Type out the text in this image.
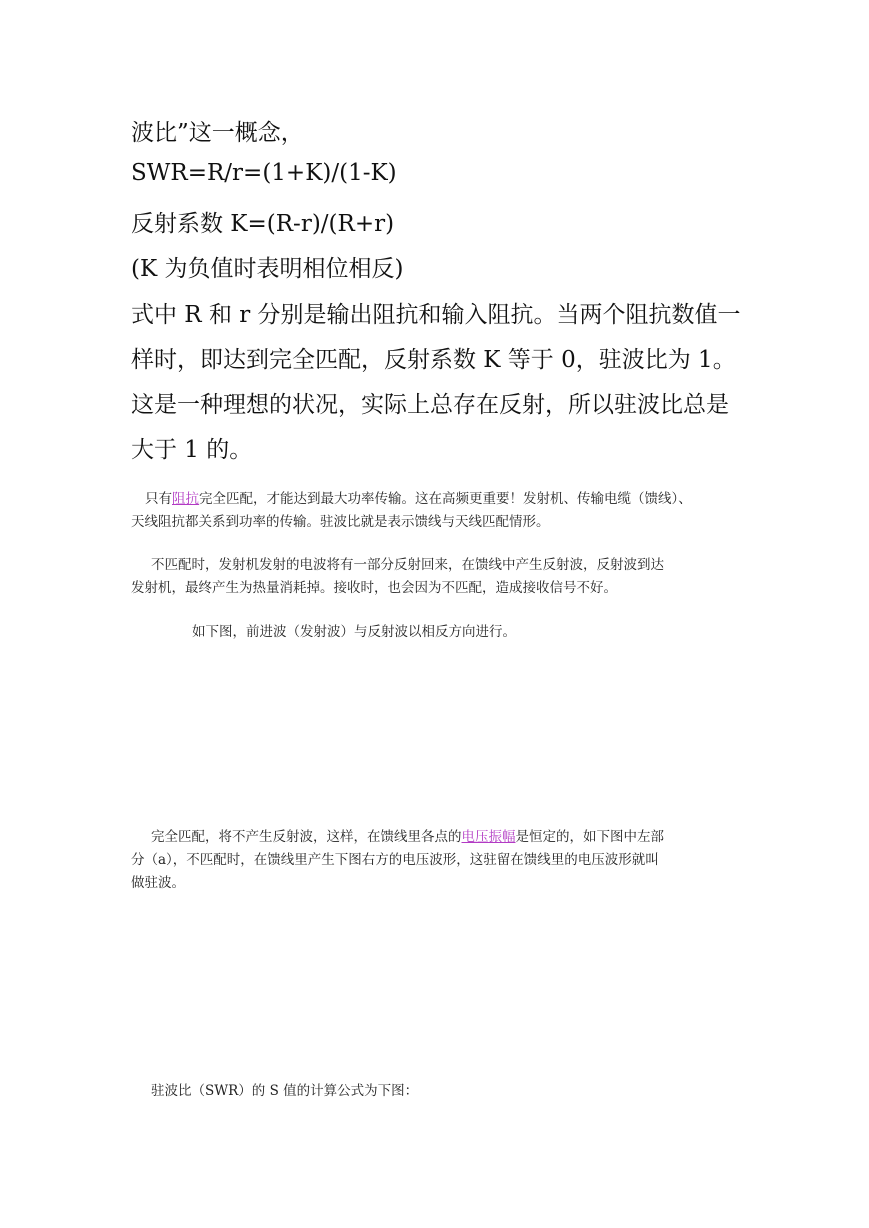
波比”这一概念，
SWR=R/r=(1+K)/(1-K)
反射系数 K=(R-r)/(R+r)
(K 为负值时表明相位相反)
式中 R 和 r 分别是输出阻抗和输入阻抗。当两个阻抗数值一
样时，即达到完全匹配，反射系数 K 等于 0，驻波比为 1。
这是一种理想的状况，实际上总存在反射，所以驻波比总是
大于 1 的。
只有阻抗完全匹配，才能达到最大功率传输。这在高频更重要！发射机、传输电缆（馈线）、
天线阻抗都关系到功率的传输。驻波比就是表示馈线与天线匹配情形。
不匹配时，发射机发射的电波将有一部分反射回来，在馈线中产生反射波，反射波到达
发射机，最终产生为热量消耗掉。接收时，也会因为不匹配，造成接收信号不好。
如下图，前进波（发射波）与反射波以相反方向进行。
完全匹配，将不产生反射波，这样，在馈线里各点的电压振幅是恒定的，如下图中左部
分（a），不匹配时，在馈线里产生下图右方的电压波形，这驻留在馈线里的电压波形就叫
做驻波。
驻波比（SWR）的 S 值的计算公式为下图：
